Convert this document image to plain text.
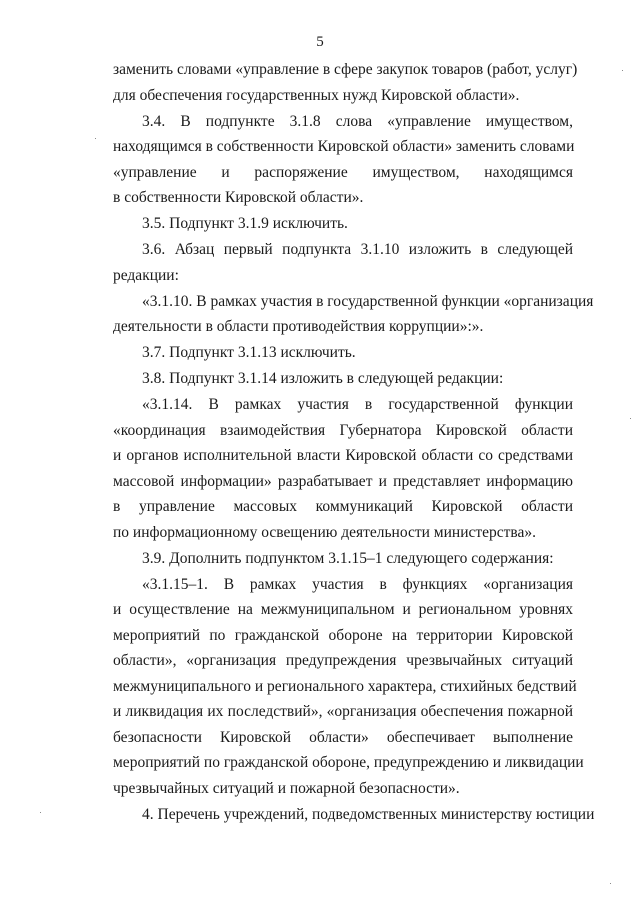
5
заменить словами «управление в сфере закупок товаров (работ, услуг)
для обеспечения государственных нужд Кировской области».
3.4. В подпункте 3.1.8 слова «управление имуществом,
находящимся в собственности Кировской области» заменить словами
«управление и распоряжение имуществом, находящимся
в собственности Кировской области».
3.5. Подпункт 3.1.9 исключить.
3.6. Абзац первый подпункта 3.1.10 изложить в следующей
редакции:
«3.1.10. В рамках участия в государственной функции «организация
деятельности в области противодействия коррупции»:».
3.7. Подпункт 3.1.13 исключить.
3.8. Подпункт 3.1.14 изложить в следующей редакции:
«3.1.14. В рамках участия в государственной функции
«координация взаимодействия Губернатора Кировской области
и органов исполнительной власти Кировской области со средствами
массовой информации» разрабатывает и представляет информацию
в управление массовых коммуникаций Кировской области
по информационному освещению деятельности министерства».
3.9. Дополнить подпунктом 3.1.15–1 следующего содержания:
«3.1.15–1. В рамках участия в функциях «организация
и осуществление на межмуниципальном и региональном уровнях
мероприятий по гражданской обороне на территории Кировской
области», «организация предупреждения чрезвычайных ситуаций
межмуниципального и регионального характера, стихийных бедствий
и ликвидация их последствий», «организация обеспечения пожарной
безопасности Кировской области» обеспечивает выполнение
мероприятий по гражданской обороне, предупреждению и ликвидации
чрезвычайных ситуаций и пожарной безопасности».
4. Перечень учреждений, подведомственных министерству юстиции
